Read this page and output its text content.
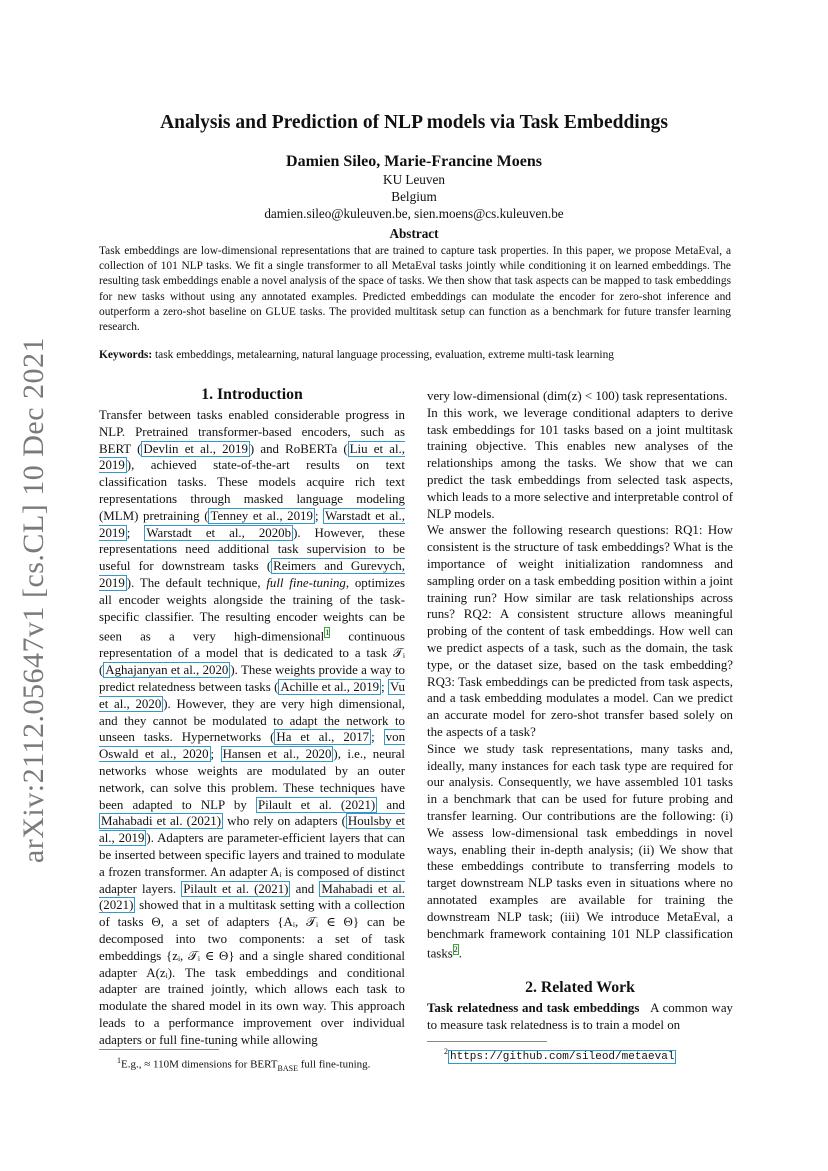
arXiv:2112.05647v1 [cs.CL] 10 Dec 2021
Analysis and Prediction of NLP models via Task Embeddings
Damien Sileo, Marie-Francine Moens
KU Leuven
Belgium
damien.sileo@kuleuven.be, sien.moens@cs.kuleuven.be
Abstract
Task embeddings are low-dimensional representations that are trained to capture task properties. In this paper, we propose MetaEval, a collection of 101 NLP tasks. We fit a single transformer to all MetaEval tasks jointly while conditioning it on learned embeddings. The resulting task embeddings enable a novel analysis of the space of tasks. We then show that task aspects can be mapped to task embeddings for new tasks without using any annotated examples. Predicted embeddings can modulate the encoder for zero-shot inference and outperform a zero-shot baseline on GLUE tasks. The provided multitask setup can function as a benchmark for future transfer learning research.
Keywords: task embeddings, metalearning, natural language processing, evaluation, extreme multi-task learning
1. Introduction

Transfer between tasks enabled considerable progress in NLP. Pretrained transformer-based encoders, such as BERT ( Devlin et al., 2019 ) and RoBERTa ( Liu et al., 2019 ), achieved state-of-the-art results on text classification tasks. These models acquire rich text representations through masked language modeling (MLM) pretraining ( Tenney et al., 2019 ; Warstadt et al., 2019 ; Warstadt et al., 2020b ). However, these representations need additional task supervision to be useful for downstream tasks ( Reimers and Gurevych, 2019 ). The default technique, full fine-tuning, optimizes all encoder weights alongside the training of the task-specific classifier. The resulting encoder weights can be seen as a very high-dimensional$^1$ continuous representation of a model that is dedicated to a task 𝒯ᵢ ( Aghajanyan et al., 2020 ). These weights provide a way to predict relatedness between tasks ( Achille et al., 2019 ; Vu et al., 2020 ). However, they are very high dimensional, and they cannot be modulated to adapt the network to unseen tasks. Hypernetworks ( Ha et al., 2017 ; von Oswald et al., 2020 ; Hansen et al., 2020 ), i.e., neural networks whose weights are modulated by an outer network, can solve this problem. These techniques have been adapted to NLP by Pilault et al. (2021) and Mahabadi et al. (2021) who rely on adapters ( Houlsby et al., 2019 ). Adapters are parameter-efficient layers that can be inserted between specific layers and trained to modulate a frozen transformer. An adapter Aᵢ is composed of distinct adapter layers. Pilault et al. (2021) and Mahabadi et al. (2021) showed that in a multitask setting with a collection of tasks Θ, a set of adapters {Aᵢ, 𝒯ᵢ ∈ Θ} can be decomposed into two components: a set of task embeddings {zᵢ, 𝒯ᵢ ∈ Θ} and a single shared conditional adapter A(zᵢ). The task embeddings and conditional adapter are trained jointly, which allows each task to modulate the shared model in its own way. This approach leads to a performance improvement over individual adapters or full fine-tuning while allowing

very low-dimensional (dim(z) < 100) task representations.

In this work, we leverage conditional adapters to derive task embeddings for 101 tasks based on a joint multitask training objective. This enables new analyses of the relationships among the tasks. We show that we can predict the task embeddings from selected task aspects, which leads to a more selective and interpretable control of NLP models.

We answer the following research questions: RQ1: How consistent is the structure of task embeddings? What is the importance of weight initialization randomness and sampling order on a task embedding position within a joint training run? How similar are task relationships across runs? RQ2: A consistent structure allows meaningful probing of the content of task embeddings. How well can we predict aspects of a task, such as the domain, the task type, or the dataset size, based on the task embedding? RQ3: Task embeddings can be predicted from task aspects, and a task embedding modulates a model. Can we predict an accurate model for zero-shot transfer based solely on the aspects of a task?

Since we study task representations, many tasks and, ideally, many instances for each task type are required for our analysis. Consequently, we have assembled 101 tasks in a benchmark that can be used for future probing and transfer learning. Our contributions are the following: (i) We assess low-dimensional task embeddings in novel ways, enabling their in-depth analysis; (ii) We show that these embeddings contribute to transferring models to target downstream NLP tasks even in situations where no annotated examples are available for training the downstream NLP task; (iii) We introduce MetaEval, a benchmark framework containing 101 NLP classification tasks$^2$.

2. Related Work

Task relatedness and task embeddings A common way to measure task relatedness is to train a model on

$^1$E.g., ≈ 110M dimensions for $BERT_{BASE}$ full fine-tuning.
$^2$ https://github.com/sileod/metaeval
